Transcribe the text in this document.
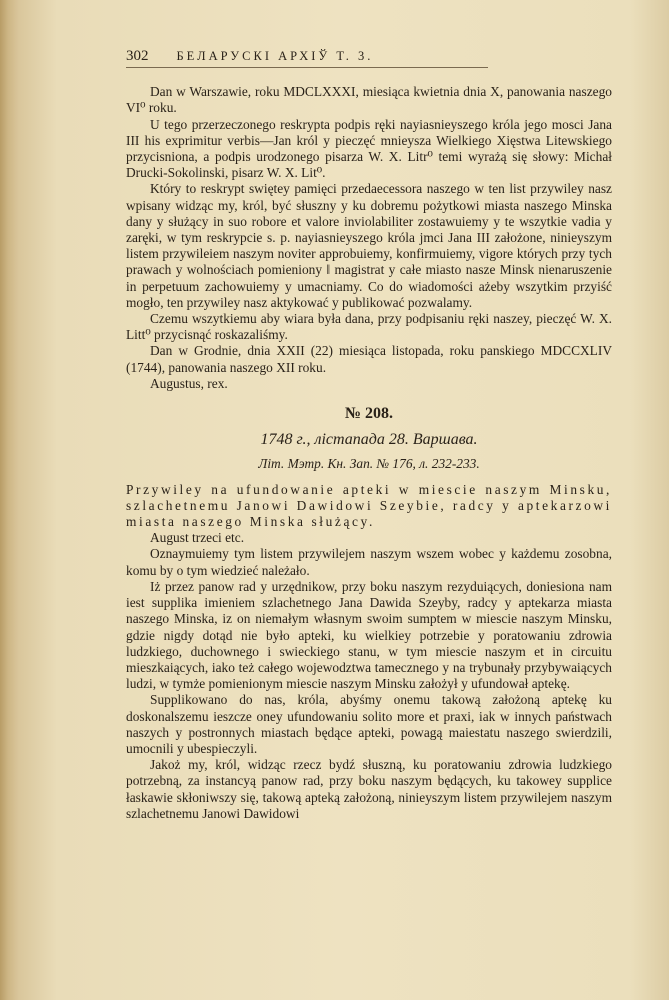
302 БЕЛАРУСКІ АРХІЎ Т. 3.

Dan w Warszawie, roku MDCLXXXI, miesiąca kwietnia dnia X, panowania naszego VI⁰ roku.

U tego przerzeczonego reskrypta podpis ręki nayiasnieyszego króla jego mosci Jana III his exprimitur verbis—Jan król y pieczęć mnieysza Wielkiego Xięstwa Litewskiego przycisniona, a podpis urodzonego pisarza W. X. Litr⁰ temi wyrażą się słowy: Michał Drucki-Sokolinski, pisarz W. X. Lit⁰.

Który to reskrypt swiętey pamięci przedaecessora naszego w ten list przywiley nasz wpisany widząc my, król, być słuszny y ku dobremu pożytkowi miasta naszego Minska dany y służący in suo robore et valore inviolabiliter zostawuiemy y te wszytkie vadia y zaręki, w tym reskrypcie s. p. nayiasnieyszego króla jmci Jana III założone, ninieyszym listem przywileiem naszym noviter approbuiemy, konfirmuiemy, vigore których przy tych prawach y wolnościach pomieniony ‖ magistrat y całe miasto nasze Minsk nienaruszenie in perpetuum zachowuiemy y umacniamy. Co do wiadomości ażeby wszytkim przyiść mogło, ten przywiley nasz aktykować y publikować pozwalamy.

Czemu wszytkiemu aby wiara była dana, przy podpisaniu ręki naszey, pieczęć W. X. Litt⁰ przycisnąć roskazaliśmy.

Dan w Grodnie, dnia XXII (22) miesiąca listopada, roku panskiego MDCCXLIV (1744), panowania naszego XII roku.

Augustus, rex.

№ 208.
1748 г., лістапада 28. Варшава.
Літ. Мэтр. Кн. Зап. № 176, л. 232-233.

Przywiley na ufundowanie apteki w miescie naszym Minsku, szlachetnemu Janowi Dawidowi Szeybie, radcy y aptekarzowi miasta naszego Minska służący.

August trzeci etc.

Oznaymuiemy tym listem przywilejem naszym wszem wobec y każdemu zosobna, komu by o tym wiedzieć należało.

Iż przez panow rad y urzędnikow, przy boku naszym rezyduiących, doniesiona nam iest supplika imieniem szlachetnego Jana Dawida Szeyby, radcy y aptekarza miasta naszego Minska, iz on niemałym własnym swoim sumptem w miescie naszym Minsku, gdzie nigdy dotąd nie było apteki, ku wielkiey potrzebie y poratowaniu zdrowia ludzkiego, duchownego i swieckiego stanu, w tym miescie naszym et in circuitu mieszkaiących, iako też całego wojewodztwa tamecznego y na trybunały przybywaiących ludzi, w tymże pomienionym miescie naszym Minsku założył y ufundował aptekę.

Supplikowano do nas, króla, abyśmy onemu takową założoną aptekę ku doskonalszemu ieszcze oney ufundowaniu solito more et praxi, iak w innych państwach naszych y postronnych miastach będące apteki, powagą maiestatu naszego swierdzili, umocnili y ubespieczyli.

Jakoż my, król, widząc rzecz bydź słuszną, ku poratowaniu zdrowia ludzkiego potrzebną, za instancyą panow rad, przy boku naszym będących, ku takowey supplice łaskawie skłoniwszy się, takową apteką założoną, ninieyszym listem przywilejem naszym szlachetnemu Janowi Dawidowi
